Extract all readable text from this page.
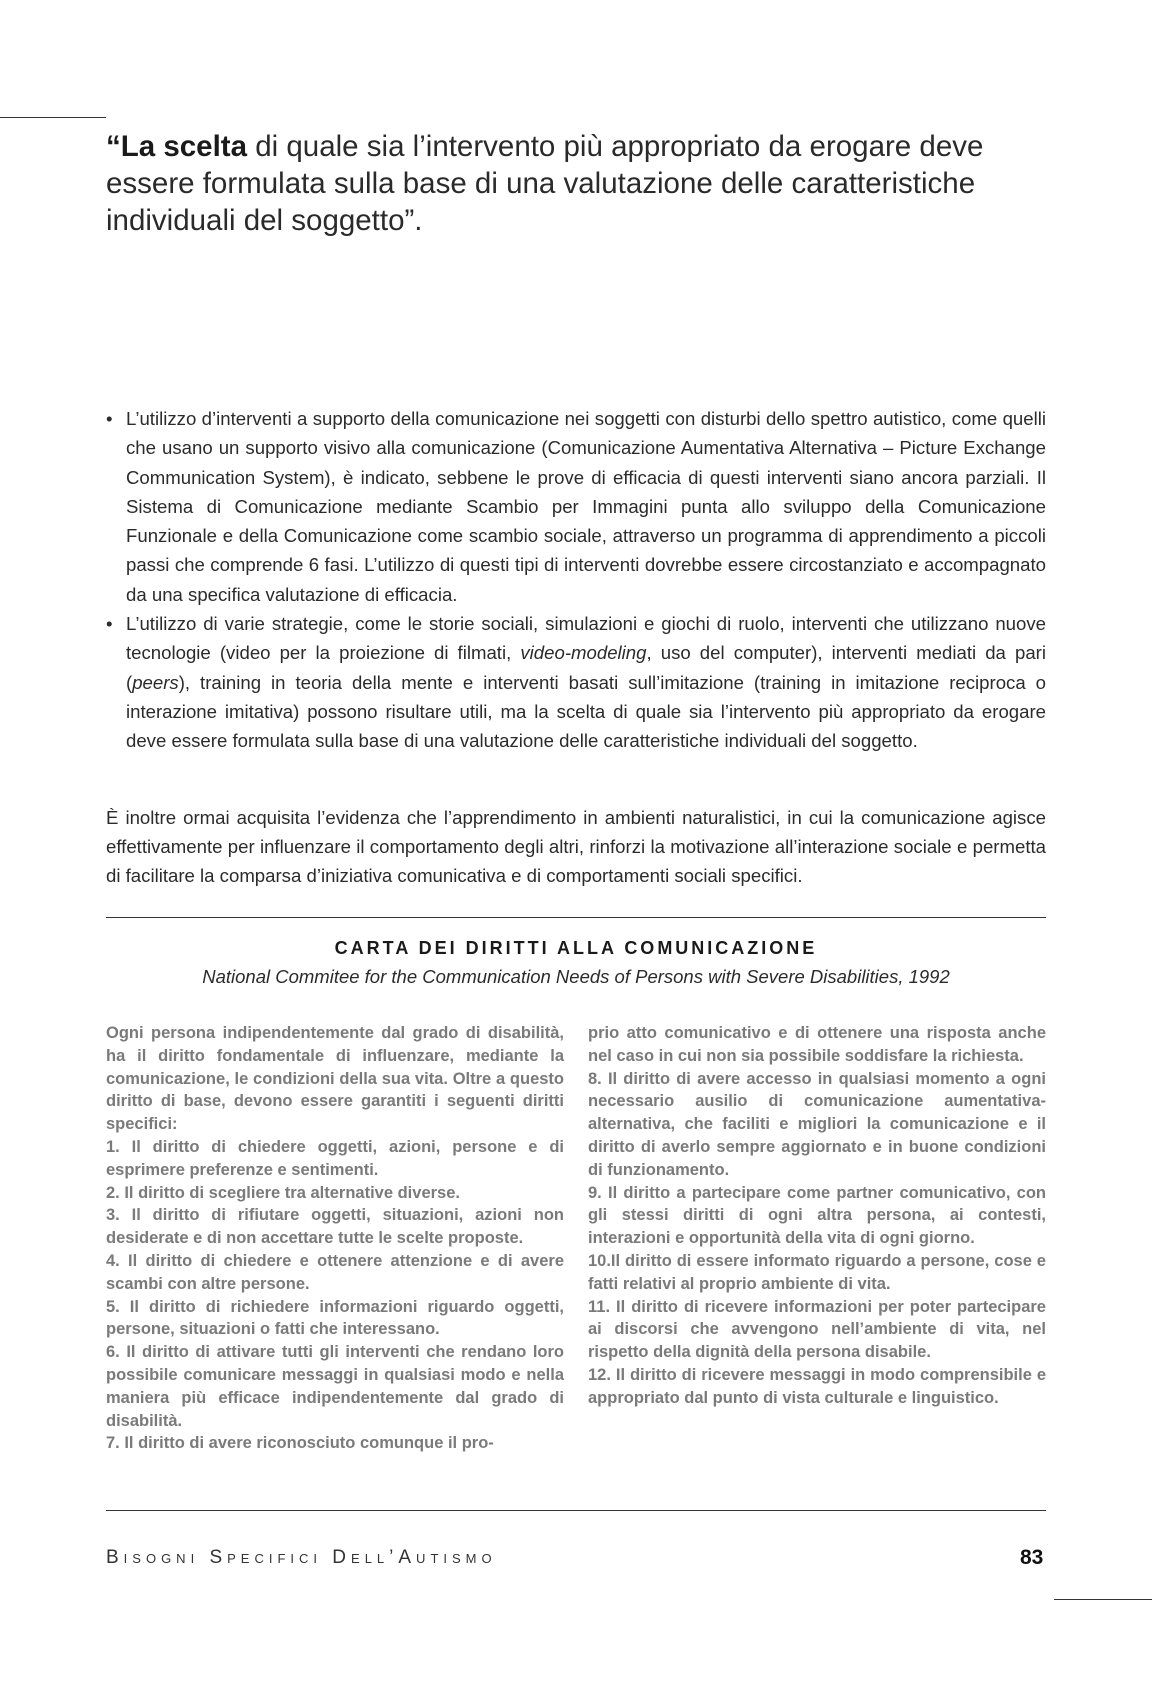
“La scelta di quale sia l’intervento più appropriato da erogare deve essere formulata sulla base di una valutazione delle caratteristiche individuali del soggetto”.
• L’utilizzo d’interventi a supporto della comunicazione nei soggetti con disturbi dello spettro autistico, come quelli che usano un supporto visivo alla comunicazione (Comunicazione Aumentativa Alternativa – Picture Exchange Communication System), è indicato, sebbene le prove di efficacia di questi interventi siano ancora parziali. Il Sistema di Comunicazione mediante Scambio per Immagini punta allo sviluppo della Comunicazione Funzionale e della Comunicazione come scambio sociale, attraverso un programma di apprendimento a piccoli passi che comprende 6 fasi. L’utilizzo di questi tipi di interventi dovrebbe essere circostanziato e accompagnato da una specifica valutazione di efficacia.
• L’utilizzo di varie strategie, come le storie sociali, simulazioni e giochi di ruolo, interventi che utilizzano nuove tecnologie (video per la proiezione di filmati, video-modeling, uso del computer), interventi mediati da pari (peers), training in teoria della mente e interventi basati sull’imitazione (training in imitazione reciproca o interazione imitativa) possono risultare utili, ma la scelta di quale sia l’intervento più appropriato da erogare deve essere formulata sulla base di una valutazione delle caratteristiche individuali del soggetto.

È inoltre ormai acquisita l’evidenza che l’apprendimento in ambienti naturalistici, in cui la comunicazione agisce effettivamente per influenzare il comportamento degli altri, rinforzi la motivazione all’interazione sociale e permetta di facilitare la comparsa d’iniziativa comunicativa e di comportamenti sociali specifici.

CARTA DEI DIRITTI ALLA COMUNICAZIONE
National Commitee for the Communication Needs of Persons with Severe Disabilities, 1992

Ogni persona indipendentemente dal grado di disabilità, ha il diritto fondamentale di influenzare, mediante la comunicazione, le condizioni della sua vita. Oltre a questo diritto di base, devono essere garantiti i seguenti diritti specifici:

1. Il diritto di chiedere oggetti, azioni, persone e di esprimere preferenze e sentimenti.

2. Il diritto di scegliere tra alternative diverse.

3. Il diritto di rifiutare oggetti, situazioni, azioni non desiderate e di non accettare tutte le scelte proposte.

4. Il diritto di chiedere e ottenere attenzione e di avere scambi con altre persone.

5. Il diritto di richiedere informazioni riguardo oggetti, persone, situazioni o fatti che interessano.

6. Il diritto di attivare tutti gli interventi che rendano loro possibile comunicare messaggi in qualsiasi modo e nella maniera più efficace indipendentemente dal grado di disabilità.

7. Il diritto di avere riconosciuto comunque il pro-

prio atto comunicativo e di ottenere una risposta anche nel caso in cui non sia possibile soddisfare la richiesta.

8. Il diritto di avere accesso in qualsiasi momento a ogni necessario ausilio di comunicazione aumentativa-alternativa, che faciliti e migliori la comunicazione e il diritto di averlo sempre aggiornato e in buone condizioni di funzionamento.

9. Il diritto a partecipare come partner comunicativo, con gli stessi diritti di ogni altra persona, ai contesti, interazioni e opportunità della vita di ogni giorno.

10.Il diritto di essere informato riguardo a persone, cose e fatti relativi al proprio ambiente di vita.

11. Il diritto di ricevere informazioni per poter partecipare ai discorsi che avvengono nell’ambiente di vita, nel rispetto della dignità della persona disabile.

12. Il diritto di ricevere messaggi in modo comprensibile e appropriato dal punto di vista culturale e linguistico.

Bisogni Specifici Dell’Autismo	83
